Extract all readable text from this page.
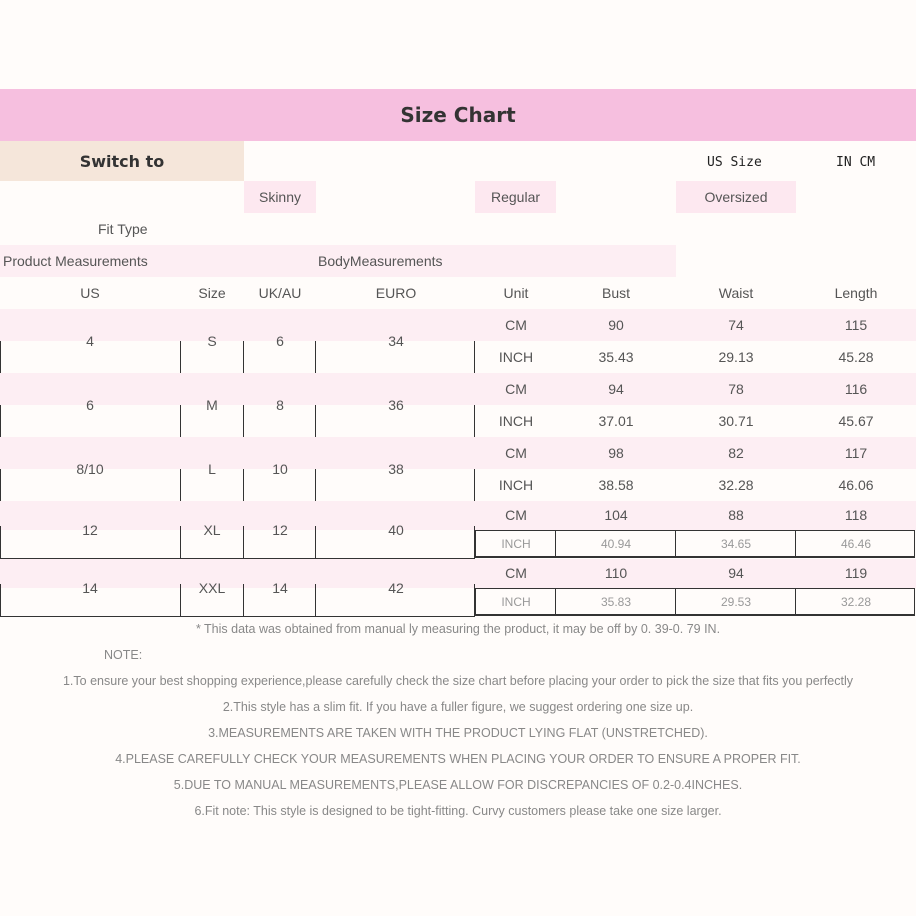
Size Chart
Switch to	US Size	IN CM
Skinny	Regular	Oversized
Fit Type
Product Measurements	BodyMeasurements
US	Size UK/AU	EURO	Unit	Bust	Waist	Length
4	S	6	34
CM	90	74	115
INCH	35.43	29.13	45.28
6	M	8	36
CM	94	78	116
INCH	37.01	30.71	45.67
8/10	L	10	38
CM	98	82	117
INCH	38.58	32.28	46.06
12	XL	12	40
CM	104	88	118
INCH	40.94	34.65	46.46
14	XXL	14	42
CM	110	94	119
INCH	35.83	29.53	32.28
* This data was obtained from manual ly measuring the product, it may be off by 0. 39-0. 79 IN.
NOTE:
1.To ensure your best shopping experience,please carefully check the size chart before placing your order to pick the size that fits you perfectly
2.This style has a slim fit. If you have a fuller figure, we suggest ordering one size up.
3.MEASUREMENTS ARE TAKEN WITH THE PRODUCT LYING FLAT (UNSTRETCHED).
4.PLEASE CAREFULLY CHECK YOUR MEASUREMENTS WHEN PLACING YOUR ORDER TO ENSURE A PROPER FIT.
5.DUE TO MANUAL MEASUREMENTS,PLEASE ALLOW FOR DISCREPANCIES OF 0.2-0.4INCHES.
6.Fit note: This style is designed to be tight-fitting. Curvy customers please take one size larger.
